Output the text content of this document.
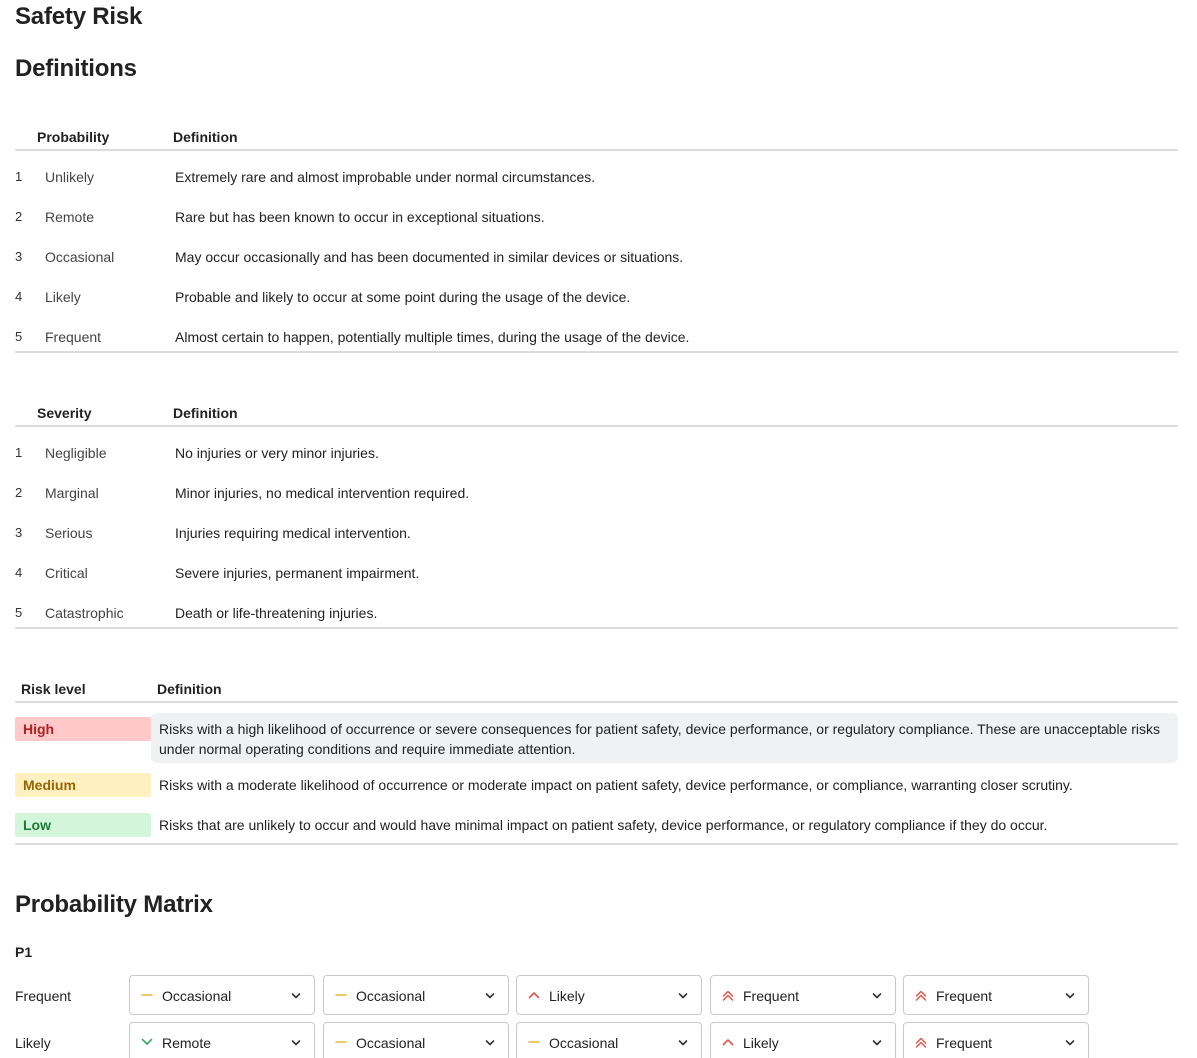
Safety Risk
Definitions
Probability	Definition
1 Unlikely	Extremely rare and almost improbable under normal circumstances.
2 Remote	Rare but has been known to occur in exceptional situations.
3 Occasional	May occur occasionally and has been documented in similar devices or situations.
4 Likely	Probable and likely to occur at some point during the usage of the device.
5 Frequent	Almost certain to happen, potentially multiple times, during the usage of the device.
Severity	Definition
1 Negligible	No injuries or very minor injuries.
2 Marginal	Minor injuries, no medical intervention required.
3 Serious	Injuries requiring medical intervention.
4 Critical	Severe injuries, permanent impairment.
5 Catastrophic	Death or life-threatening injuries.
Risk level	Definition
High	Risks with a high likelihood of occurrence or severe consequences for patient safety, device performance, or regulatory compliance. These are unacceptable risks under normal operating conditions and require immediate attention.
Medium	Risks with a moderate likelihood of occurrence or moderate impact on patient safety, device performance, or compliance, warranting closer scrutiny.
Low	Risks that are unlikely to occur and would have minimal impact on patient safety, device performance, or regulatory compliance if they do occur.
Probability Matrix
P1
Frequent	Occasional	Occasional	Likely	Frequent	Frequent
Likely	Remote	Occasional	Occasional	Likely	Frequent
